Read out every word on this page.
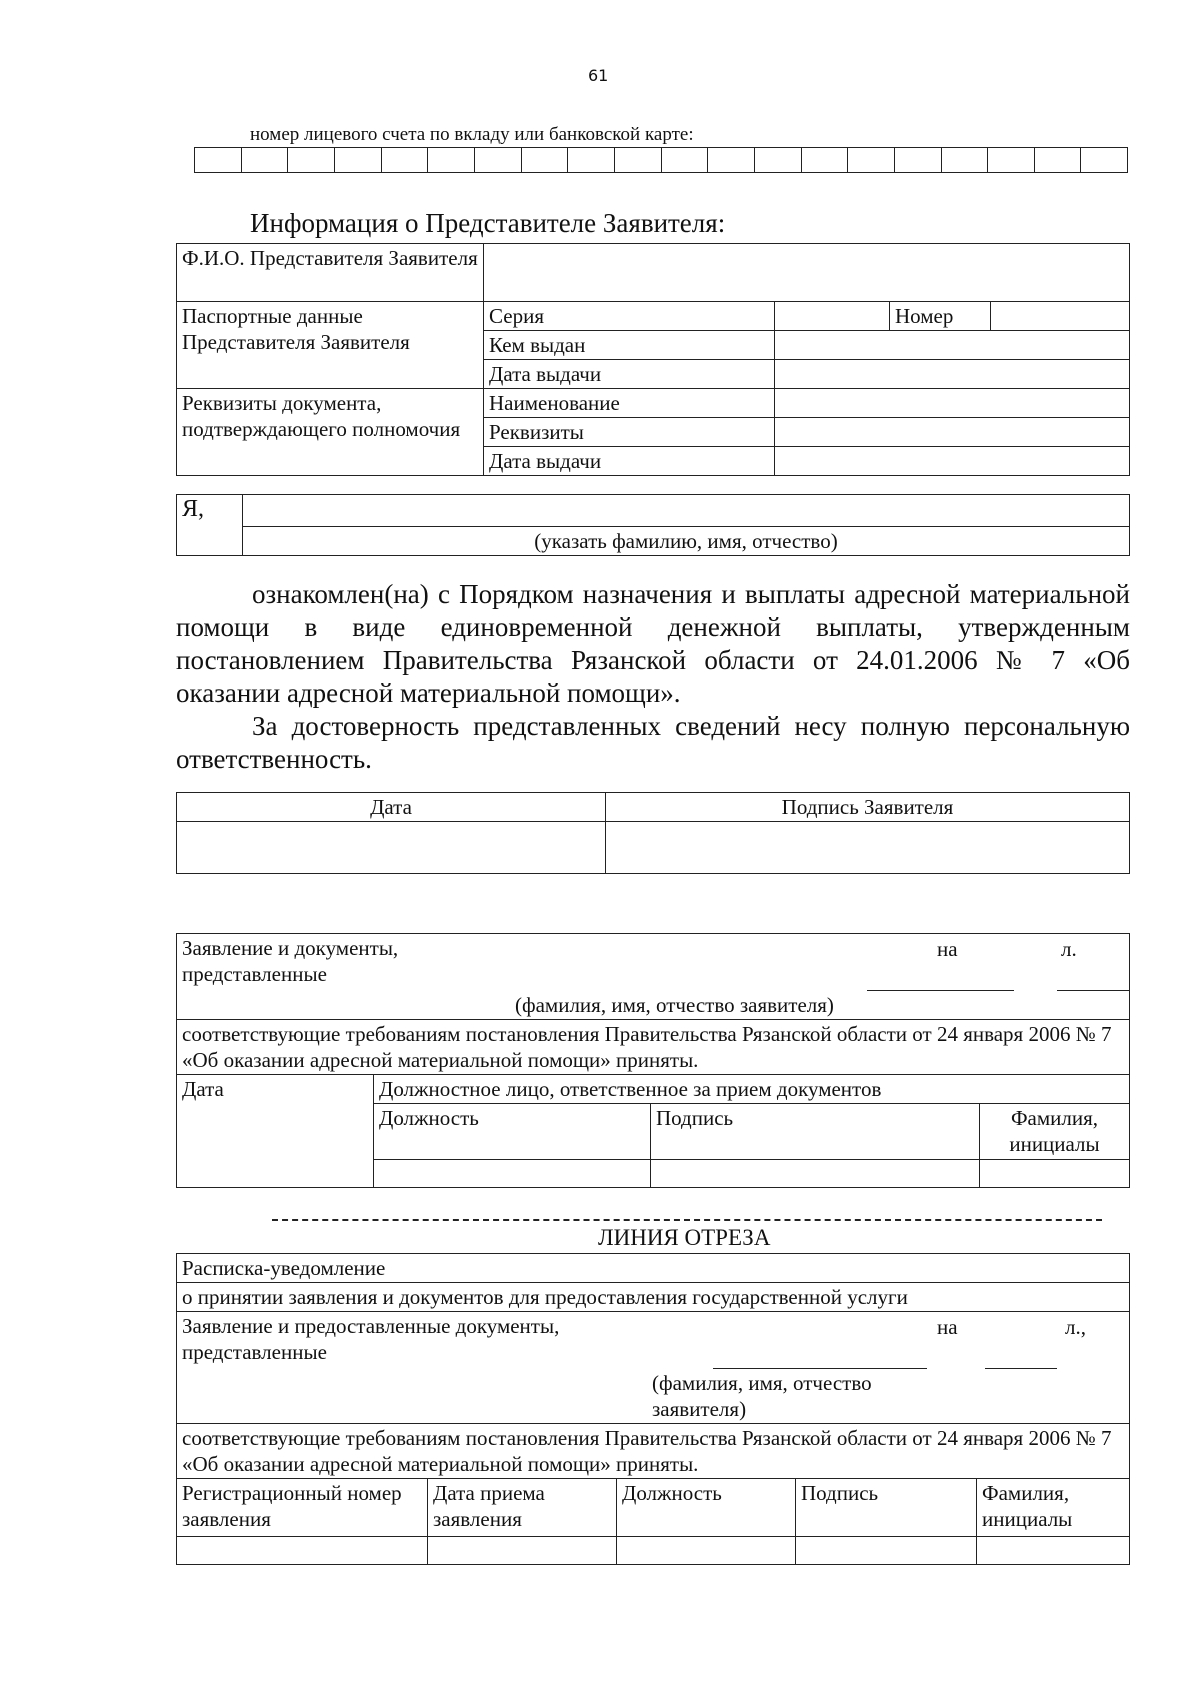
61
номер лицевого счета по вкладу или банковской карте:
Информация о Представителе Заявителя:
Ф.И.О. Представителя Заявителя				
Паспортные данные Представителя Заявителя	Серия		Номер	
	Кем выдан			
	Дата выдачи			
Реквизиты документа, подтверждающего полномочия	Наименование			
	Реквизиты			
	Дата выдачи			
Я,	
(указать фамилию, имя, отчество)
ознакомлен(на) с Порядком назначения и выплаты адресной материальной помощи в виде единовременной денежной выплаты, утвержденным постановлением Правительства Рязанской области от 24.01.2006 № 7 «Об оказании адресной материальной помощи».
За достоверность представленных сведений несу полную персональную ответственность.
Дата	Подпись Заявителя

Заявление и документы, представленные
на л.
(фамилия, имя, отчество заявителя)			

соответствующие требованиям постановления Правительства Рязанской области от 24 января 2006 № 7 «Об оказании адресной материальной помощи» приняты.			
Дата	Должностное лицо, ответственное за прием документов		
	Должность	Подпись	Фамилия, инициалы

ЛИНИЯ ОТРЕЗА
Расписка-уведомление				
о принятии заявления и документов для предоставления государственной услуги				

Заявление и предоставленные документы, представленные
на л.,
(фамилия, имя, отчество заявителя)				

соответствующие требованиям постановления Правительства Рязанской области от 24 января 2006 № 7 «Об оказании адресной материальной помощи» приняты.				
Регистрационный номер заявления	Дата приема заявления	Должность	Подпись	Фамилия, инициалы
